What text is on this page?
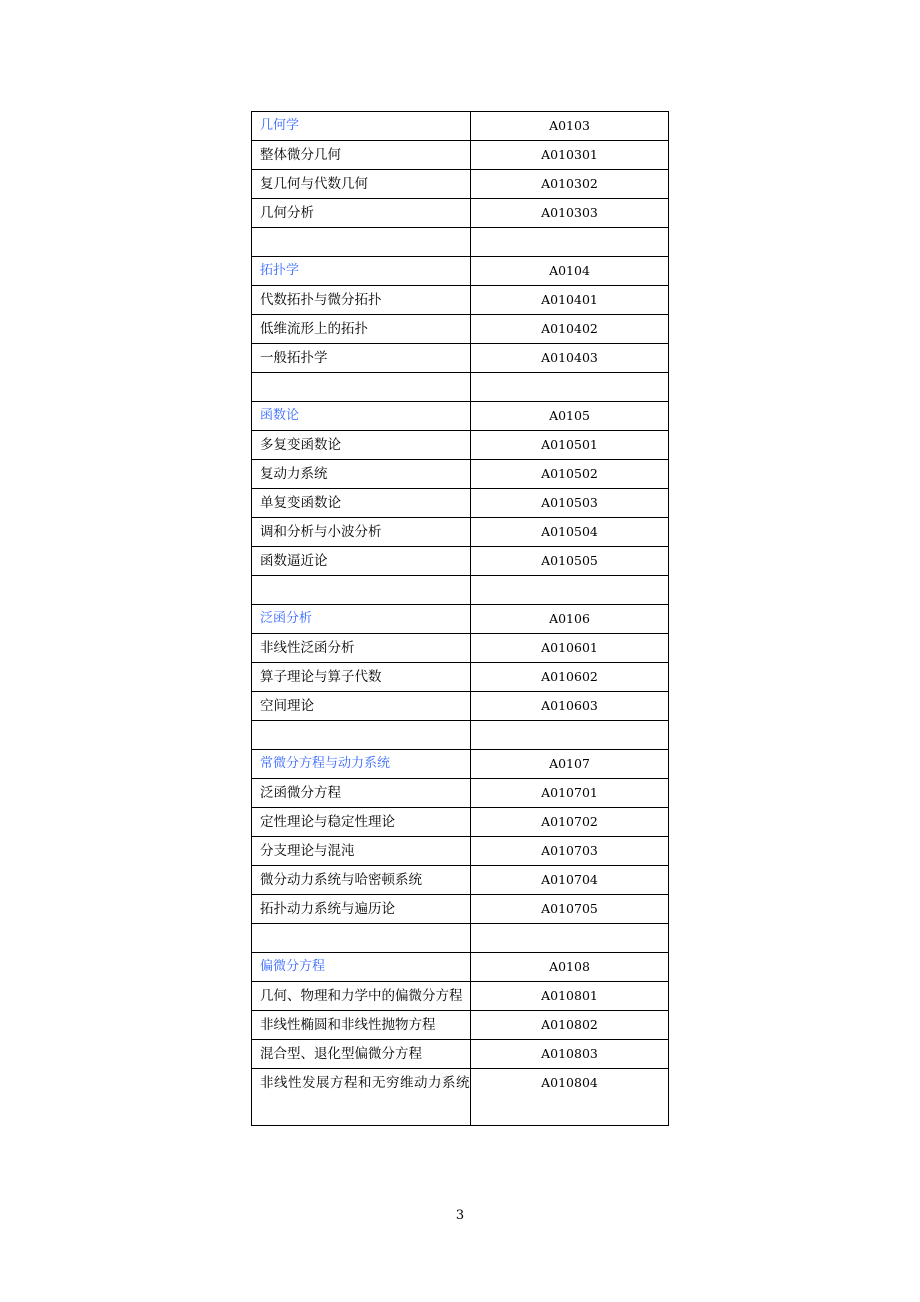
几何学	A0103
整体微分几何	A010301
复几何与代数几何	A010302
几何分析	A010303

拓扑学	A0104
代数拓扑与微分拓扑	A010401
低维流形上的拓扑	A010402
一般拓扑学	A010403

函数论	A0105
多复变函数论	A010501
复动力系统	A010502
单复变函数论	A010503
调和分析与小波分析	A010504
函数逼近论	A010505

泛函分析	A0106
非线性泛函分析	A010601
算子理论与算子代数	A010602
空间理论	A010603

常微分方程与动力系统	A0107
泛函微分方程	A010701
定性理论与稳定性理论	A010702
分支理论与混沌	A010703
微分动力系统与哈密顿系统	A010704
拓扑动力系统与遍历论	A010705

偏微分方程	A0108
几何、物理和力学中的偏微分方程	A010801
非线性椭圆和非线性抛物方程	A010802
混合型、退化型偏微分方程	A010803
非线性发展方程和无穷维动力系统	A010804
3
